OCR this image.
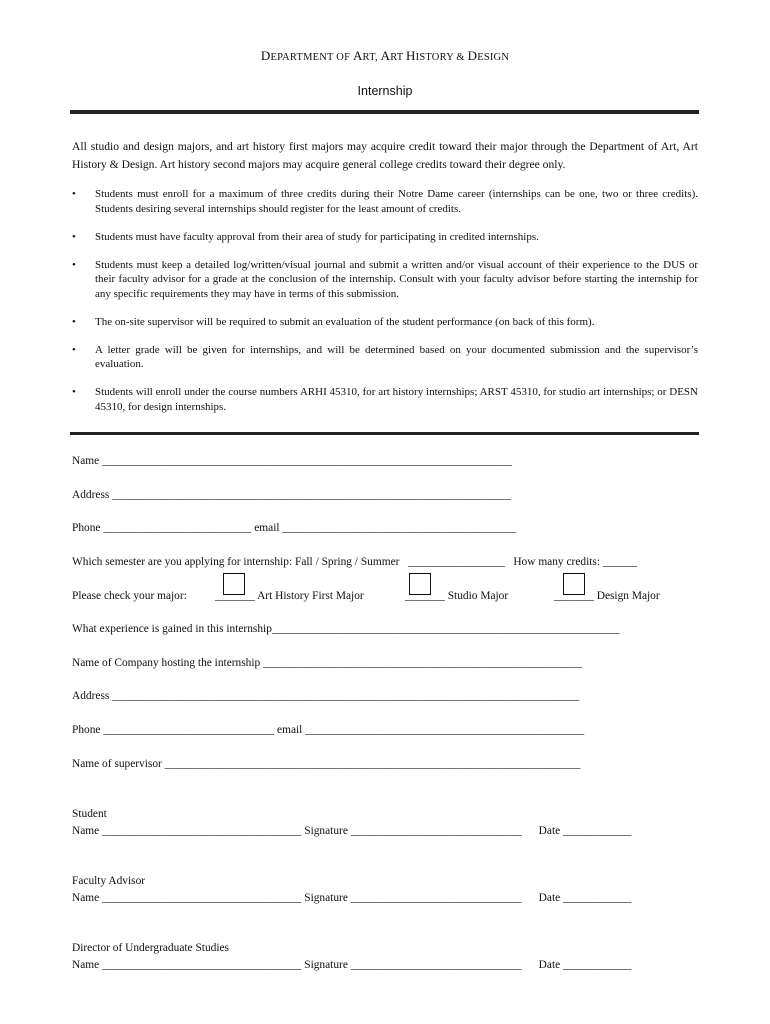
DEPARTMENT OF ART, ART HISTORY & DESIGN
Internship
All studio and design majors, and art history first majors may acquire credit toward their major through the Department of Art, Art History & Design. Art history second majors may acquire general college credits toward their degree only.
• Students must enroll for a maximum of three credits during their Notre Dame career (internships can be one, two or three credits). Students desiring several internships should register for the least amount of credits.
• Students must have faculty approval from their area of study for participating in credited internships.
• Students must keep a detailed log/written/visual journal and submit a written and/or visual account of their experience to the DUS or their faculty advisor for a grade at the conclusion of the internship. Consult with your faculty advisor before starting the internship for any specific requirements they may have in terms of this submission.
• The on-site supervisor will be required to submit an evaluation of the student performance (on back of this form).
• A letter grade will be given for internships, and will be determined based on your documented submission and the supervisor’s evaluation.
• Students will enroll under the course numbers ARHI 45310, for art history internships; ARST 45310, for studio art internships; or DESN 45310, for design internships.
Name ________________________________________________________________________
Address ______________________________________________________________________
Phone __________________________ email _________________________________________
Which semester are you applying for internship: Fall / Spring / Summer   _________________   How many credits: ______
Please check your major: _______ Art History First Major	_______ Studio Major	_______ Design Major
What experience is gained in this internship_____________________________________________________________
Name of Company hosting the internship ________________________________________________________
Address __________________________________________________________________________________
Phone ______________________________ email _________________________________________________
Name of supervisor _________________________________________________________________________
Student
Name ___________________________________ Signature ______________________________      Date ____________
Faculty Advisor
Name ___________________________________ Signature ______________________________      Date ____________
Director of Undergraduate Studies
Name ___________________________________ Signature ______________________________      Date ____________
